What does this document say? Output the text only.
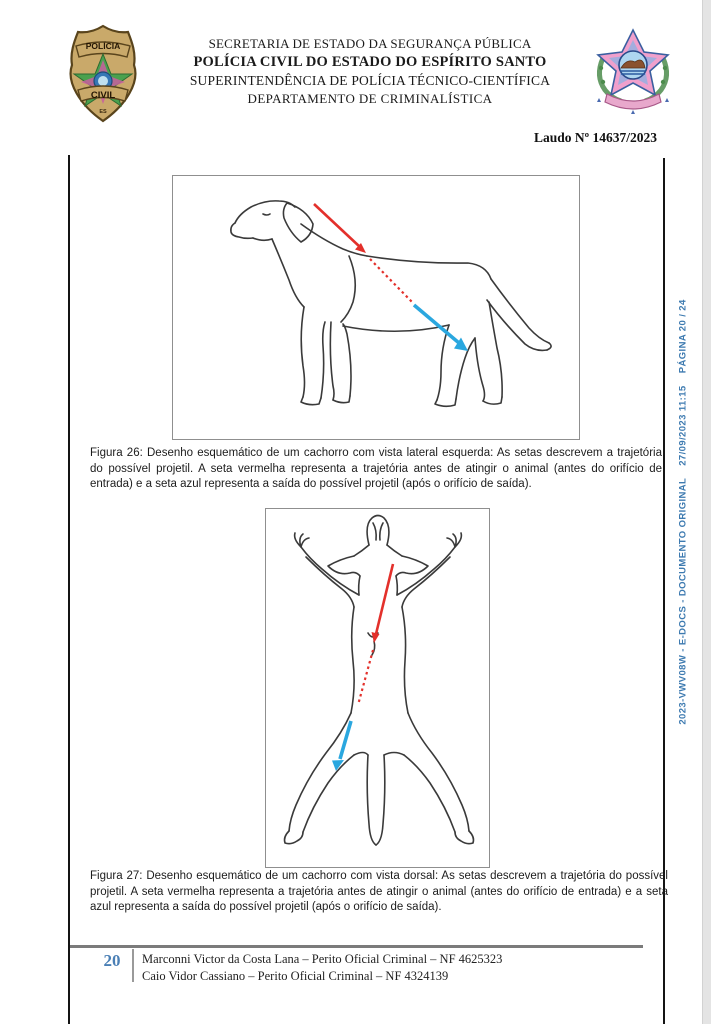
POLÍCIA
CIVIL
ES
SECRETARIA DE ESTADO DA SEGURANÇA PÚBLICA
POLÍCIA CIVIL DO ESTADO DO ESPÍRITO SANTO
SUPERINTENDÊNCIA DE POLÍCIA TÉCNICO-CIENTÍFICA
DEPARTAMENTO DE CRIMINALÍSTICA
Laudo Nº 14637/2023
Figura 26: Desenho esquemático de um cachorro com vista lateral esquerda: As setas descrevem a trajetória do possível projetil. A seta vermelha representa a trajetória antes de atingir o animal (antes do orifício de entrada) e a seta azul representa a saída do possível projetil (após o orifício de saída).
Figura 27: Desenho esquemático de um cachorro com vista dorsal: As setas descrevem a trajetória do possível projetil. A seta vermelha representa a trajetória antes de atingir o animal (antes do orifício de entrada) e a seta azul representa a saída do possível projetil (após o orifício de saída).
20	Marconni Victor da Costa Lana – Perito Oficial Criminal – NF 4625323
Caio Vidor Cassiano – Perito Oficial Criminal – NF 4324139
2023-VWV08W - E-DOCS - DOCUMENTO ORIGINAL    27/09/2023 11:15    PÁGINA 20 / 24
